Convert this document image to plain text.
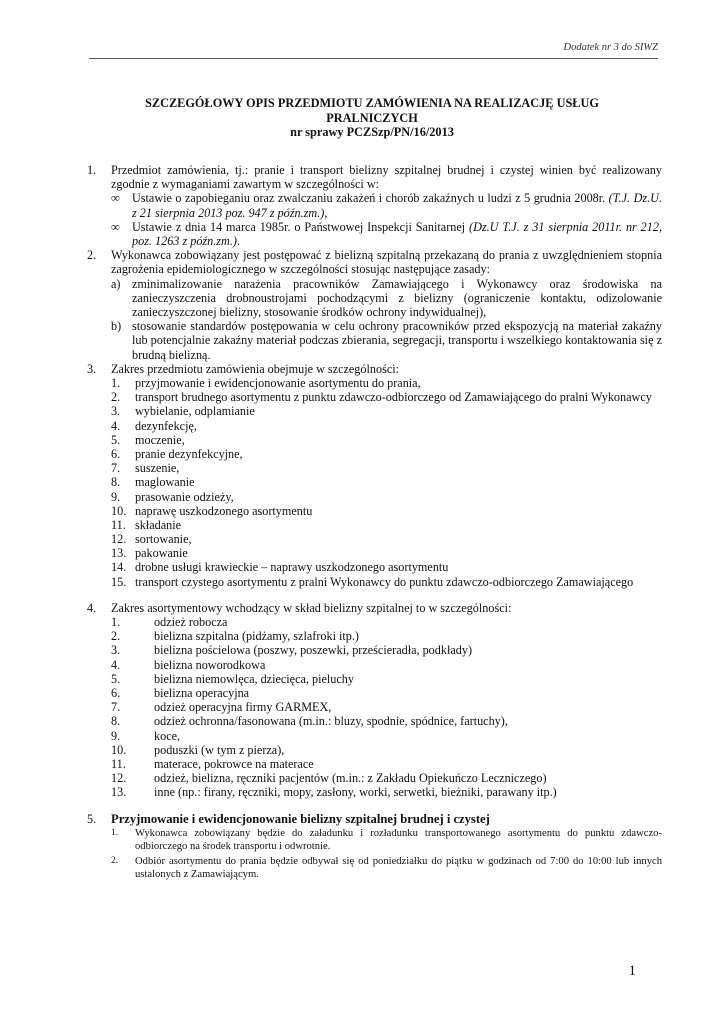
Dodatek nr 3 do SIWZ
SZCZEGÓŁOWY OPIS PRZEDMIOTU ZAMÓWIENIA NA REALIZACJĘ USŁUG
PRALNICZYCH
nr sprawy PCZSzp/PN/16/2013
1. Przedmiot zamówienia, tj.: pranie i transport bielizny szpitalnej brudnej i czystej winien być realizowany zgodnie z wymaganiami zawartym w szczególności w:
∞ Ustawie o zapobieganiu oraz zwalczaniu zakażeń i chorób zakaźnych u ludzi z 5 grudnia 2008r. (T.J. Dz.U. z 21 sierpnia 2013 poz. 947 z późn.zm.),
∞ Ustawie z dnia 14 marca 1985r. o Państwowej Inspekcji Sanitarnej (Dz.U T.J. z 31 sierpnia 2011r. nr 212, poz. 1263 z późn.zm.).
2. Wykonawca zobowiązany jest postępować z bielizną szpitalną przekazaną do prania z uwzględnieniem stopnia zagrożenia epidemiologicznego w szczególności stosując następujące zasady:
a) zminimalizowanie narażenia pracowników Zamawiającego i Wykonawcy oraz środowiska na zanieczyszczenia drobnoustrojami pochodzącymi z bielizny (ograniczenie kontaktu, odizolowanie zanieczyszczonej bielizny, stosowanie środków ochrony indywidualnej),
b) stosowanie standardów postępowania w celu ochrony pracowników przed ekspozycją na materiał zakaźny lub potencjalnie zakaźny materiał podczas zbierania, segregacji, transportu i wszelkiego kontaktowania się z brudną bielizną.
3. Zakres przedmiotu zamówienia obejmuje w szczególności:
1. przyjmowanie i ewidencjonowanie asortymentu do prania,
2. transport brudnego asortymentu z punktu zdawczo-odbiorczego od Zamawiającego do pralni Wykonawcy
3. wybielanie, odplamianie
4. dezynfekcję,
5. moczenie,
6. pranie dezynfekcyjne,
7. suszenie,
8. maglowanie
9. prasowanie odzieży,
10. naprawę uszkodzonego asortymentu
11. składanie
12. sortowanie,
13. pakowanie
14. drobne usługi krawieckie – naprawy uszkodzonego asortymentu
15. transport czystego asortymentu z pralni Wykonawcy do punktu zdawczo-odbiorczego Zamawiającego
4. Zakres asortymentowy wchodzący w skład bielizny szpitalnej to w szczególności:
1.	odzież robocza
2.	bielizna szpitalna (pidżamy, szlafroki itp.)
3.	bielizna pościelowa (poszwy, poszewki, prześcieradła, podkłady)
4.	bielizna noworodkowa
5.	bielizna niemowlęca, dziecięca, pieluchy
6.	bielizna operacyjna
7.	odzież operacyjna firmy GARMEX,
8.	odzież ochronna/fasonowana (m.in.: bluzy, spodnie, spódnice, fartuchy),
9.	koce,
10. poduszki (w tym z pierza),
11. materace, pokrowce na materace
12. odzież, bielizna, ręczniki pacjentów (m.in.: z Zakładu Opiekuńczo Leczniczego)
13. inne (np.: firany, ręczniki, mopy, zasłony, worki, serwetki, bieżniki, parawany itp.)
5. Przyjmowanie i ewidencjonowanie bielizny szpitalnej brudnej i czystej
1. Wykonawca zobowiązany będzie do załadunku i rozładunku transportowanego asortymentu do punktu zdawczo-odbiorczego na środek transportu i odwrotnie.
2. Odbiór asortymentu do prania będzie odbywał się od poniedziałku do piątku w godzinach od 7:00 do 10:00 lub innych ustalonych z Zamawiającym.
1
